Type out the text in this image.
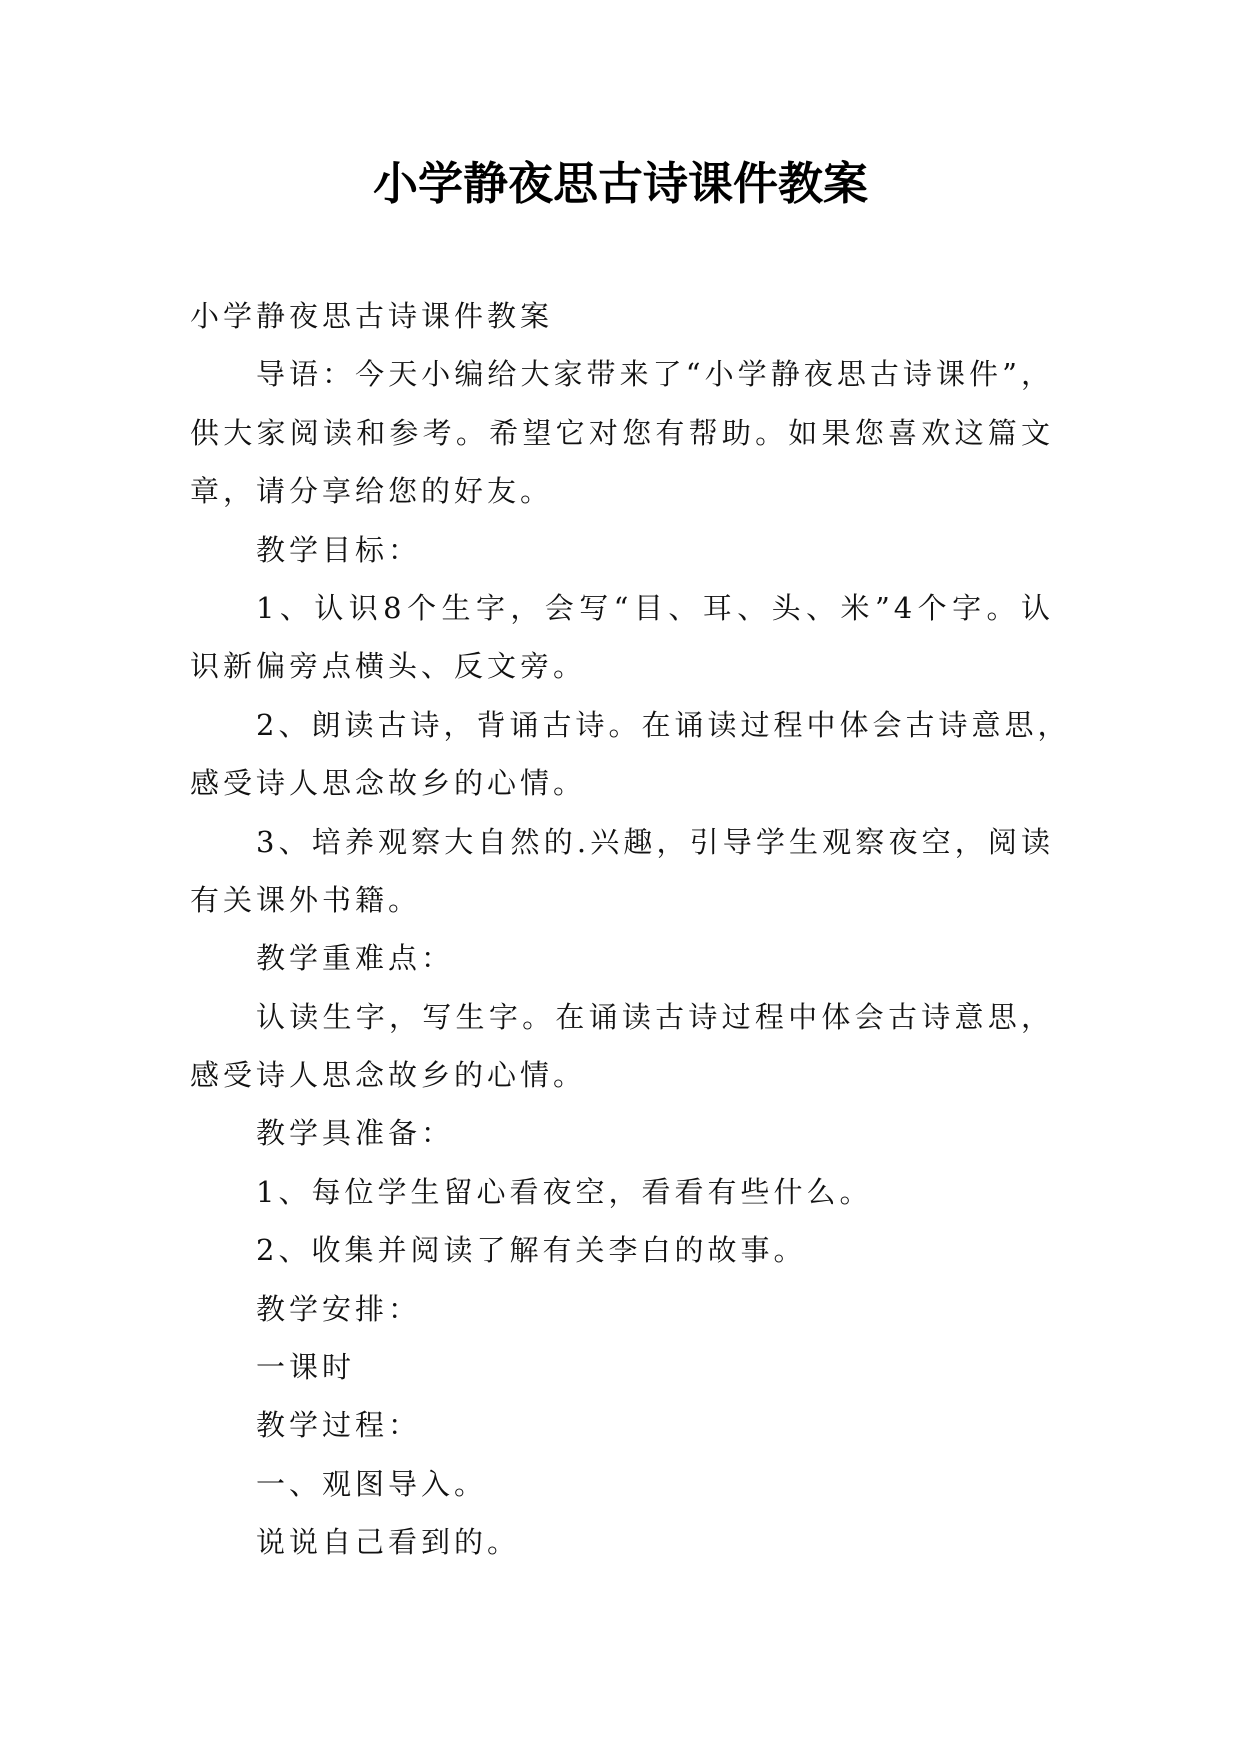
小学静夜思古诗课件教案
小学静夜思古诗课件教案
导语：今天小编给大家带来了“小学静夜思古诗课件”，
供大家阅读和参考。希望它对您有帮助。如果您喜欢这篇文
章，请分享给您的好友。
教学目标：
1、认识8个生字，会写“目、耳、头、米”4个字。认
识新偏旁点横头、反文旁。
2、朗读古诗，背诵古诗。在诵读过程中体会古诗意思，
感受诗人思念故乡的心情。
3、培养观察大自然的.兴趣，引导学生观察夜空，阅读
有关课外书籍。
教学重难点：
认读生字，写生字。在诵读古诗过程中体会古诗意思，
感受诗人思念故乡的心情。
教学具准备：
1、每位学生留心看夜空，看看有些什么。
2、收集并阅读了解有关李白的故事。
教学安排：
一课时
教学过程：
一、观图导入。
说说自己看到的。
